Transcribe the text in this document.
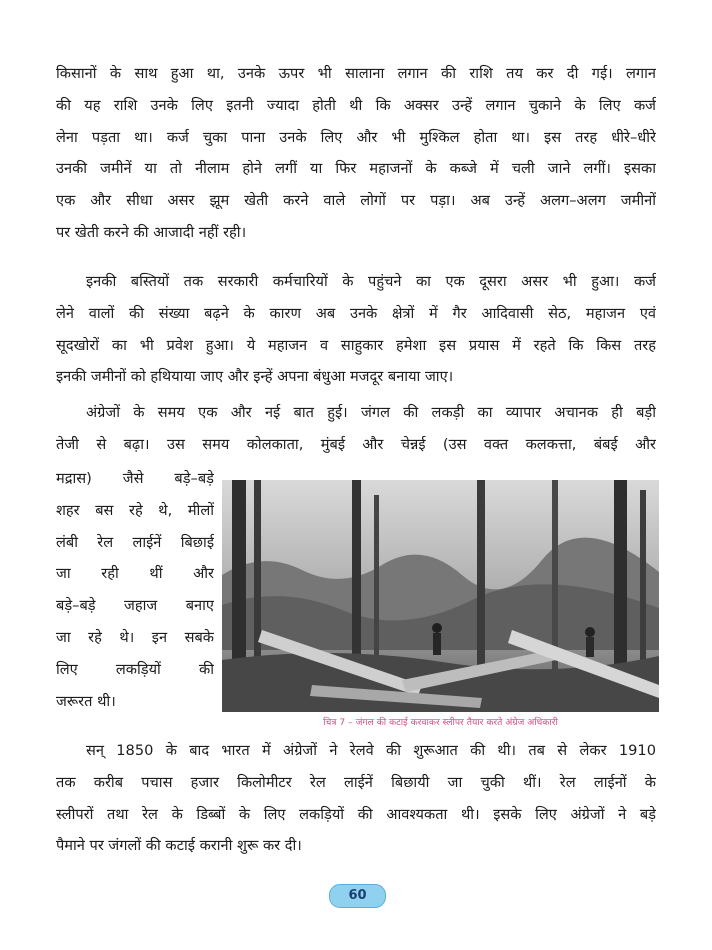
किसानों के साथ हुआ था, उनके ऊपर भी सालाना लगान की राशि तय कर दी गई। लगान
की यह राशि उनके लिए इतनी ज्यादा होती थी कि अक्सर उन्हें लगान चुकाने के लिए कर्ज
लेना पड़ता था। कर्ज चुका पाना उनके लिए और भी मुश्किल होता था। इस तरह धीरे–धीरे
उनकी जमीनें या तो नीलाम होने लगीं या फिर महाजनों के कब्जे में चली जाने लगीं। इसका
एक और सीधा असर झूम खेती करने वाले लोगों पर पड़ा। अब उन्हें अलग–अलग जमीनों
पर खेती करने की आजादी नहीं रही।
इनकी बस्तियों तक सरकारी कर्मचारियों के पहुंचने का एक दूसरा असर भी हुआ। कर्ज
लेने वालों की संख्या बढ़ने के कारण अब उनके क्षेत्रों में गैर आदिवासी सेठ, महाजन एवं
सूदखोरों का भी प्रवेश हुआ। ये महाजन व साहुकार हमेशा इस प्रयास में रहते कि किस तरह
इनकी जमीनों को हथियाया जाए और इन्हें अपना बंधुआ मजदूर बनाया जाए।
अंग्रेजों के समय एक और नई बात हुई। जंगल की लकड़ी का व्यापार अचानक ही बड़ी
तेजी से बढ़ा। उस समय कोलकाता, मुंबई और चेन्नई (उस वक्त कलकत्ता, बंबई और
मद्रास) जैसे बड़े–बड़े
शहर बस रहे थे, मीलों
लंबी रेल लाईनें बिछाई
जा रही थीं और
बड़े–बड़े जहाज बनाए
जा रहे थे। इन सबके
लिए लकड़ियों की
जरूरत थी।

चित्र 7 – जंगल की कटाई करवाकर स्लीपर तैयार करते अंग्रेज अधिकारी

सन् 1850 के बाद भारत में अंग्रेजों ने रेलवे की शुरूआत की थी। तब से लेकर 1910
तक करीब पचास हजार किलोमीटर रेल लाईनें बिछायी जा चुकी थीं। रेल लाईनों के
स्लीपरों तथा रेल के डिब्बों के लिए लकड़ियों की आवश्यकता थी। इसके लिए अंग्रेजों ने बड़े
पैमाने पर जंगलों की कटाई करानी शुरू कर दी।
60
